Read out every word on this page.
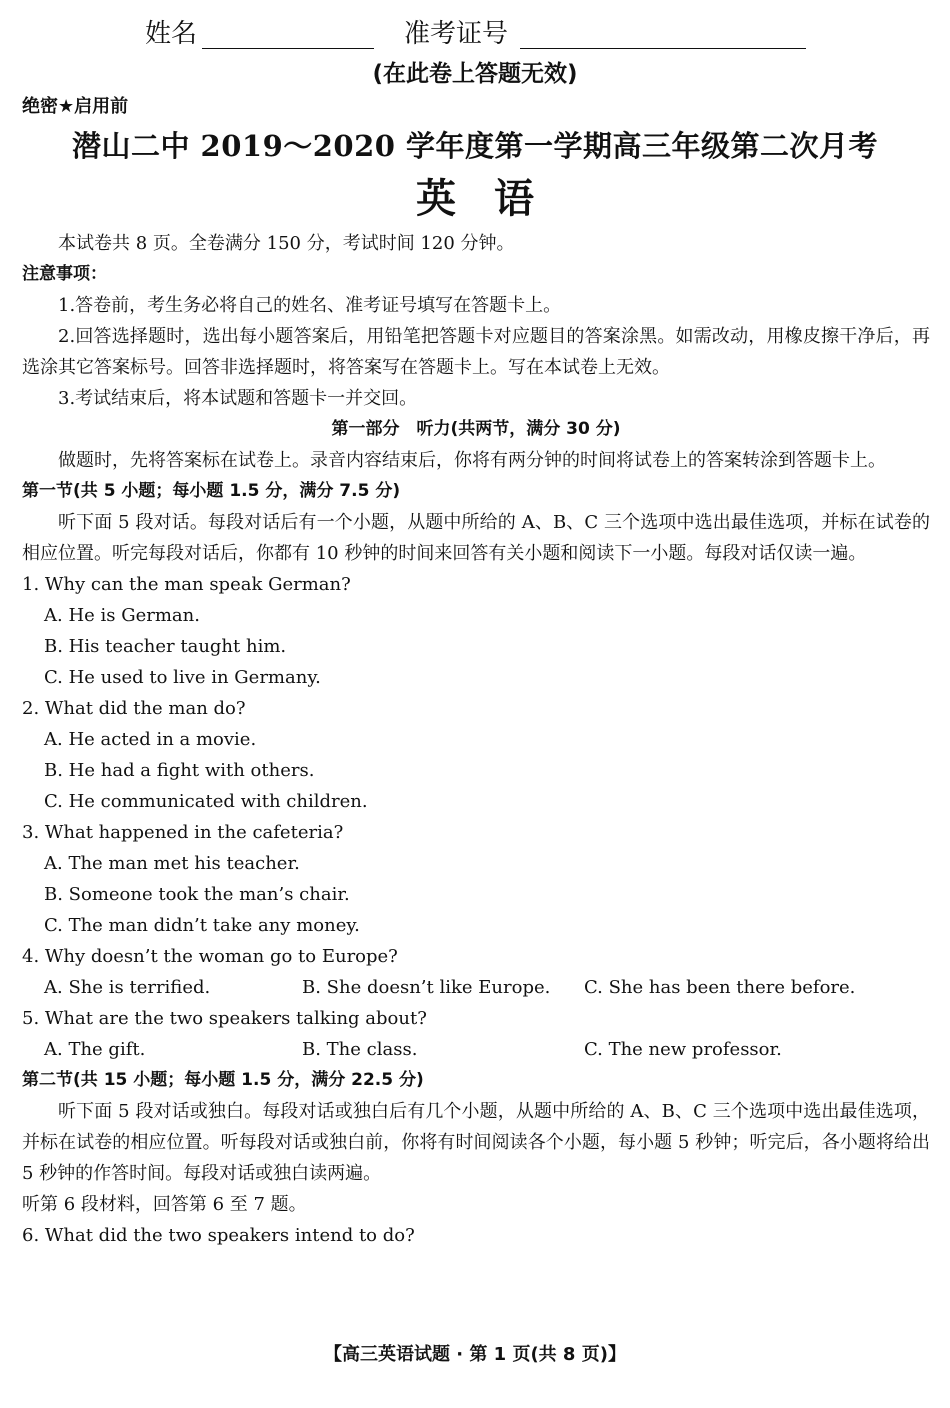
姓名	准考证号
(在此卷上答题无效)
绝密★启用前
潜山二中 2019～2020 学年度第一学期高三年级第二次月考
英语

本试卷共 8 页。全卷满分 150 分，考试时间 120 分钟。

注意事项：

1.答卷前，考生务必将自己的姓名、准考证号填写在答题卡上。

2.回答选择题时，选出每小题答案后，用铅笔把答题卡对应题目的答案涂黑。如需改动，用橡皮擦干净后，再选涂其它答案标号。回答非选择题时，将答案写在答题卡上。写在本试卷上无效。

3.考试结束后，将本试题和答题卡一并交回。

第一部分　听力(共两节，满分 30 分)

做题时，先将答案标在试卷上。录音内容结束后，你将有两分钟的时间将试卷上的答案转涂到答题卡上。

第一节(共 5 小题；每小题 1.5 分，满分 7.5 分)

听下面 5 段对话。每段对话后有一个小题，从题中所给的 A、B、C 三个选项中选出最佳选项，并标在试卷的相应位置。听完每段对话后，你都有 10 秒钟的时间来回答有关小题和阅读下一小题。每段对话仅读一遍。

1. Why can the man speak German?

A. He is German.

B. His teacher taught him.

C. He used to live in Germany.

2. What did the man do?

A. He acted in a movie.

B. He had a fight with others.

C. He communicated with children.

3. What happened in the cafeteria?

A. The man met his teacher.

B. Someone took the man’s chair.

C. The man didn’t take any money.

4. Why doesn’t the woman go to Europe?

A. She is terrified.	B. She doesn’t like Europe. C. She has been there before.

5. What are the two speakers talking about?

A. The gift.	B. The class.	C. The new professor.

第二节(共 15 小题；每小题 1.5 分，满分 22.5 分)

听下面 5 段对话或独白。每段对话或独白后有几个小题，从题中所给的 A、B、C 三个选项中选出最佳选项，并标在试卷的相应位置。听每段对话或独白前，你将有时间阅读各个小题，每小题 5 秒钟；听完后，各小题将给出 5 秒钟的作答时间。每段对话或独白读两遍。

听第 6 段材料，回答第 6 至 7 题。

6. What did the two speakers intend to do?

【高三英语试题 · 第 1 页(共 8 页)】
